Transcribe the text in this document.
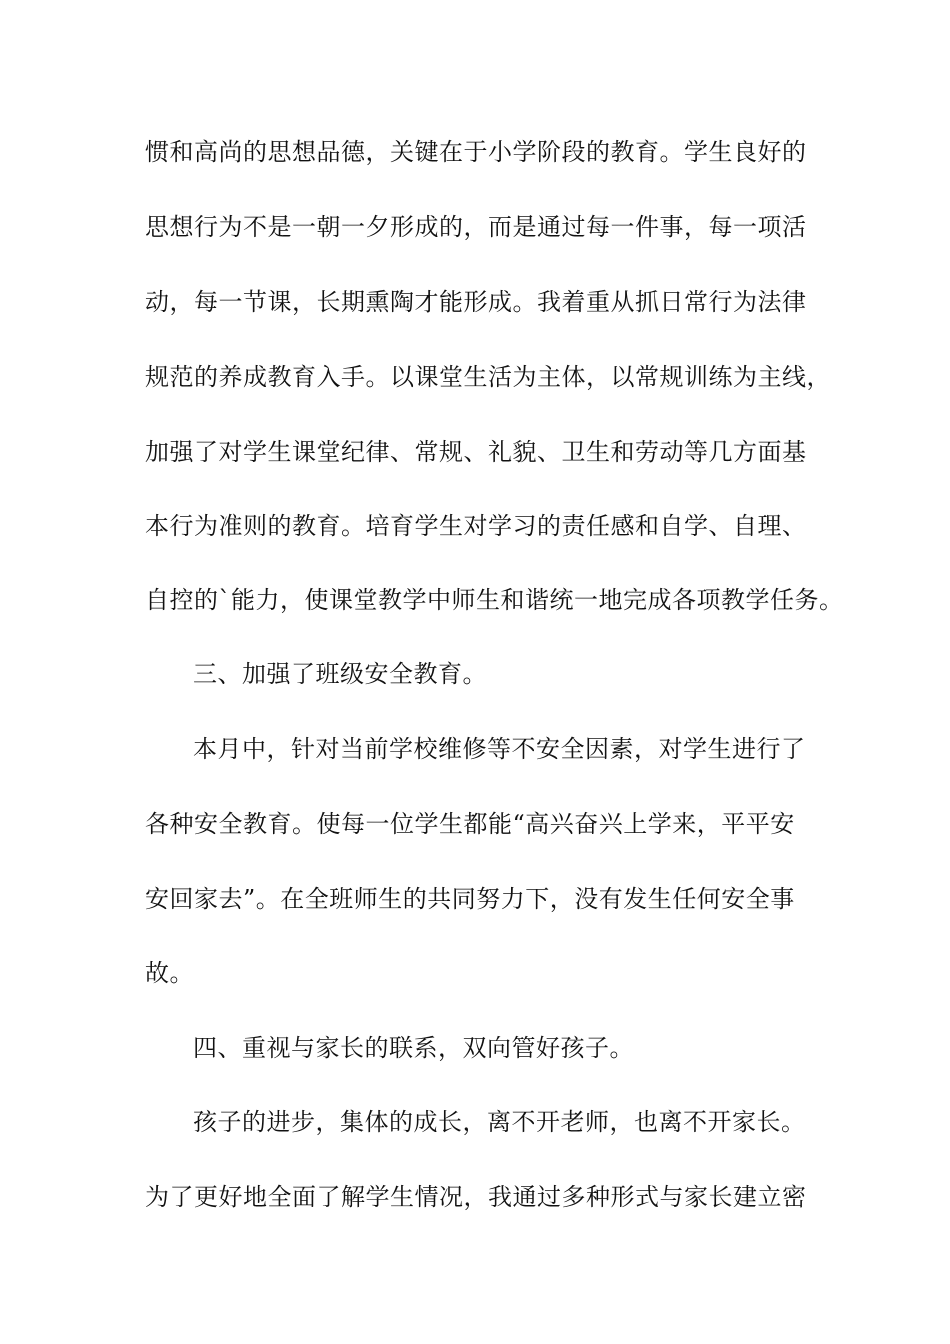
惯和高尚的思想品德，关键在于小学阶段的教育。学生良好的
思想行为不是一朝一夕形成的，而是通过每一件事，每一项活
动，每一节课，长期熏陶才能形成。我着重从抓日常行为法律
规范的养成教育入手。以课堂生活为主体，以常规训练为主线，
加强了对学生课堂纪律、常规、礼貌、卫生和劳动等几方面基
本行为准则的教育。培育学生对学习的责任感和自学、自理、
自控的`能力，使课堂教学中师生和谐统一地完成各项教学任务。
三、加强了班级安全教育。
本月中，针对当前学校维修等不安全因素，对学生进行了
各种安全教育。使每一位学生都能“高兴奋兴上学来，平平安
安回家去”。在全班师生的共同努力下，没有发生任何安全事
故。
四、重视与家长的联系，双向管好孩子。
孩子的进步，集体的成长，离不开老师，也离不开家长。
为了更好地全面了解学生情况，我通过多种形式与家长建立密
